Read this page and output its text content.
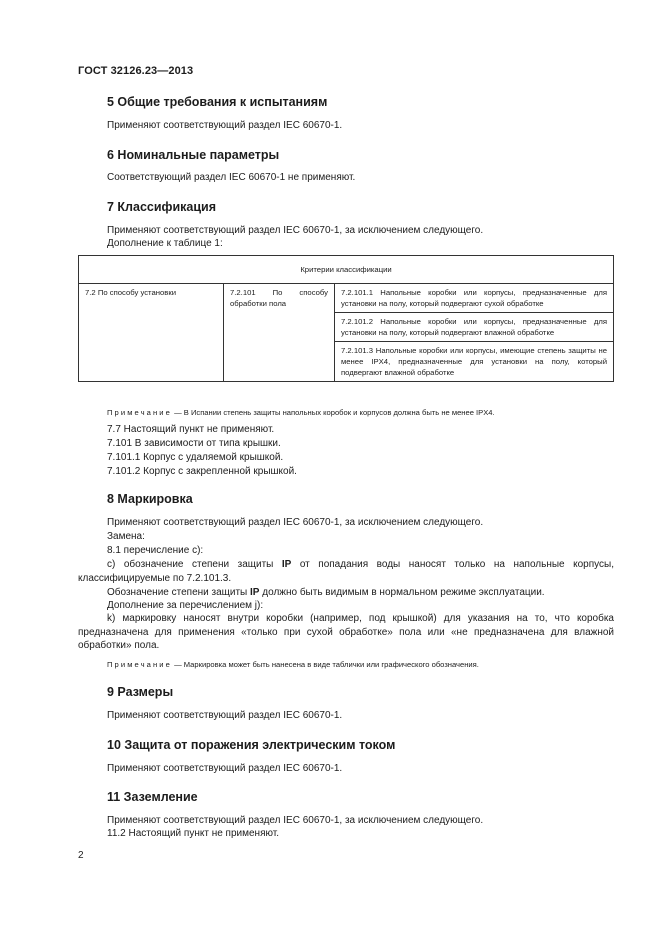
ГОСТ 32126.23—2013
5 Общие требования к испытаниям
Применяют соответствующий раздел IEC 60670-1.
6 Номинальные параметры
Соответствующий раздел IEC 60670-1 не применяют.
7 Классификация
Применяют соответствующий раздел IEC 60670-1, за исключением следующего.
Дополнение к таблице 1:
Критерии классификации
7.2 По способу установки	7.2.101 По способу обработки пола	7.2.101.1 Напольные коробки или корпусы, предназначенные для установки на полу, который подвергают сухой обработке
7.2.101.2 Напольные коробки или корпусы, предназначенные для установки на полу, который подвергают влажной обработке
7.2.101.3 Напольные коробки или корпусы, имеющие степень защиты не менее IPX4, предназначенные для установки на полу, который подвергают влажной обработке
Примечание — В Испании степень защиты напольных коробок и корпусов должна быть не менее IPX4.
7.7 Настоящий пункт не применяют.
7.101 В зависимости от типа крышки.
7.101.1 Корпус с удаляемой крышкой.
7.101.2 Корпус с закрепленной крышкой.
8 Маркировка
Применяют соответствующий раздел IEC 60670-1, за исключением следующего.
Замена:
8.1 перечисление с):
с) обозначение степени защиты IP от попадания воды наносят только на напольные корпусы, классифицируемые по 7.2.101.3.
Обозначение степени защиты IP должно быть видимым в нормальном режиме эксплуатации.
Дополнение за перечислением j):
k) маркировку наносят внутри коробки (например, под крышкой) для указания на то, что коробка предназначена для применения «только при сухой обработке» пола или «не предназначена для влажной обработки» пола.
Примечание — Маркировка может быть нанесена в виде таблички или графического обозначения.
9 Размеры
Применяют соответствующий раздел IEC 60670-1.
10 Защита от поражения электрическим током
Применяют соответствующий раздел IEC 60670-1.
11 Заземление
Применяют соответствующий раздел IEC 60670-1, за исключением следующего.
11.2 Настоящий пункт не применяют.
2
